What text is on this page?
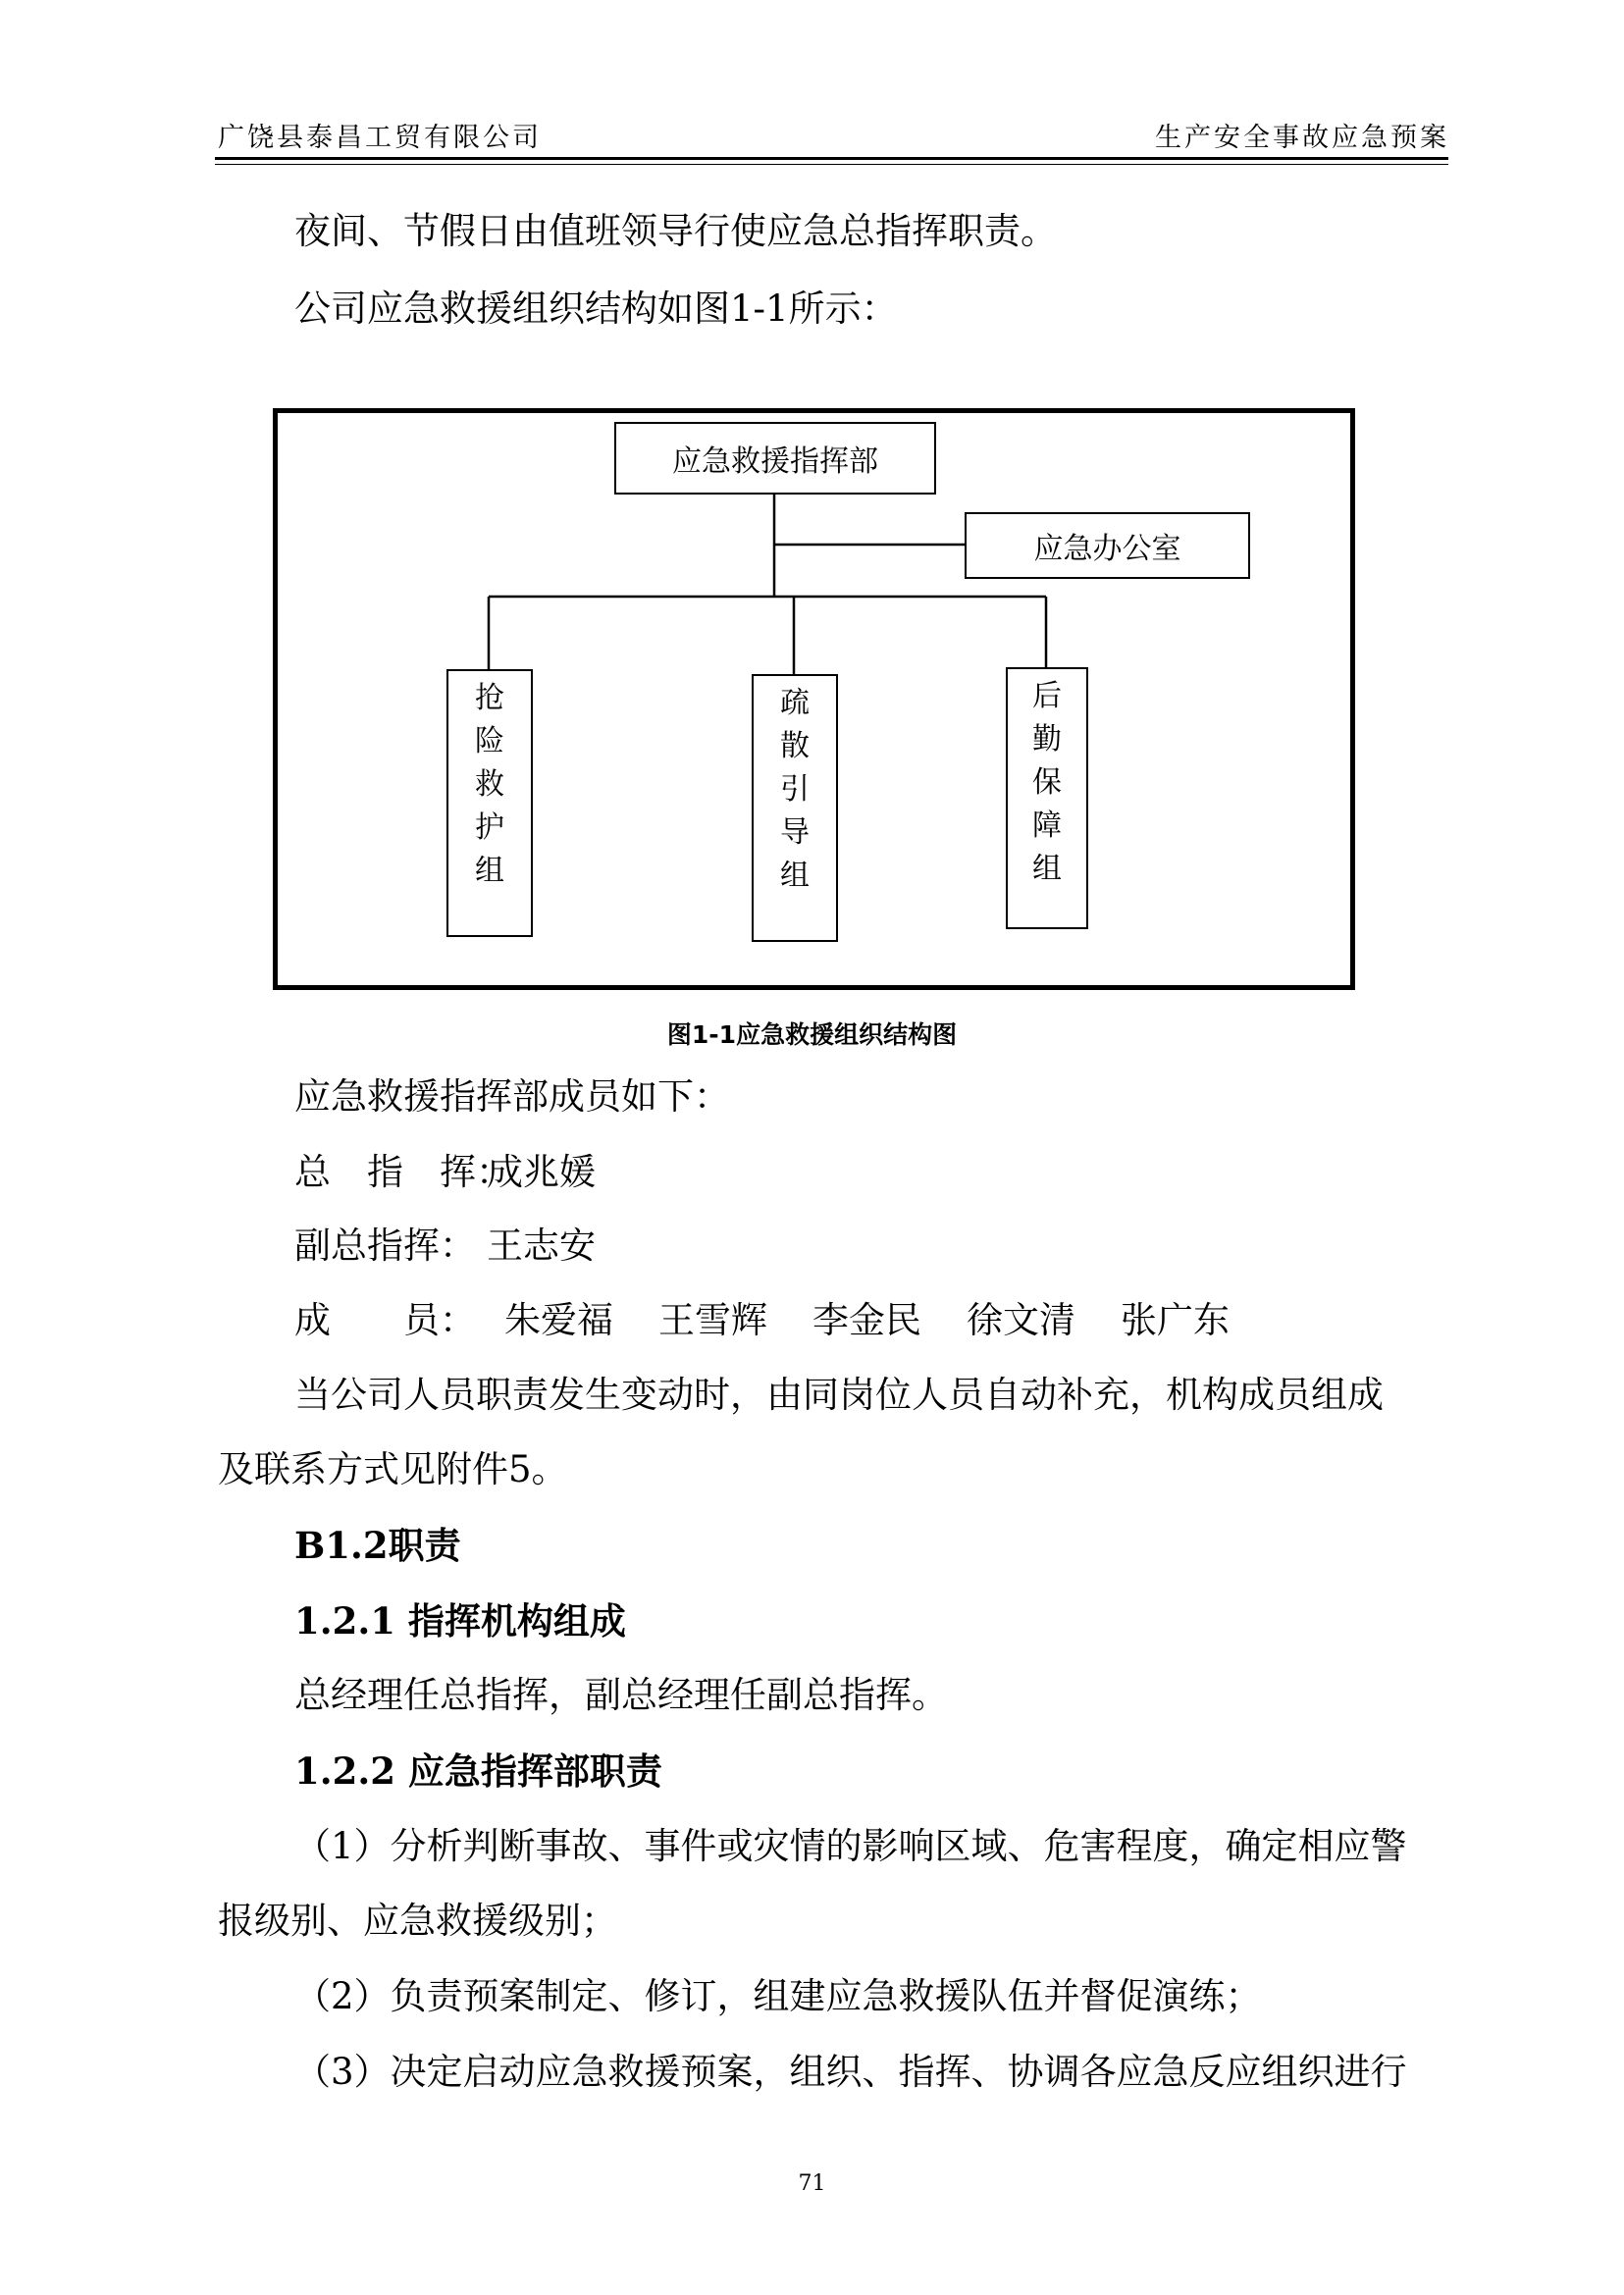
广饶县泰昌工贸有限公司	生产安全事故应急预案
夜间、节假日由值班领导行使应急总指挥职责。
公司应急救援组织结构如图1-1所示：
应急救援指挥部
应急办公室
抢险救护组
疏散引导组
后勤保障组
图1-1应急救援组织结构图
应急救援指挥部成员如下：
总　指　挥：
成兆媛
副总指挥： 王志安
成　　员： 朱爱福 王雪辉 李金民 徐文清 张广东
当公司人员职责发生变动时，由同岗位人员自动补充，机构成员组成
及联系方式见附件5。
B1.2职责
1.2.1 指挥机构组成
总经理任总指挥，副总经理任副总指挥。
1.2.2 应急指挥部职责
（1）分析判断事故、事件或灾情的影响区域、危害程度，确定相应警
报级别、应急救援级别；
（2）负责预案制定、修订，组建应急救援队伍并督促演练；
（3）决定启动应急救援预案，组织、指挥、协调各应急反应组织进行
71
